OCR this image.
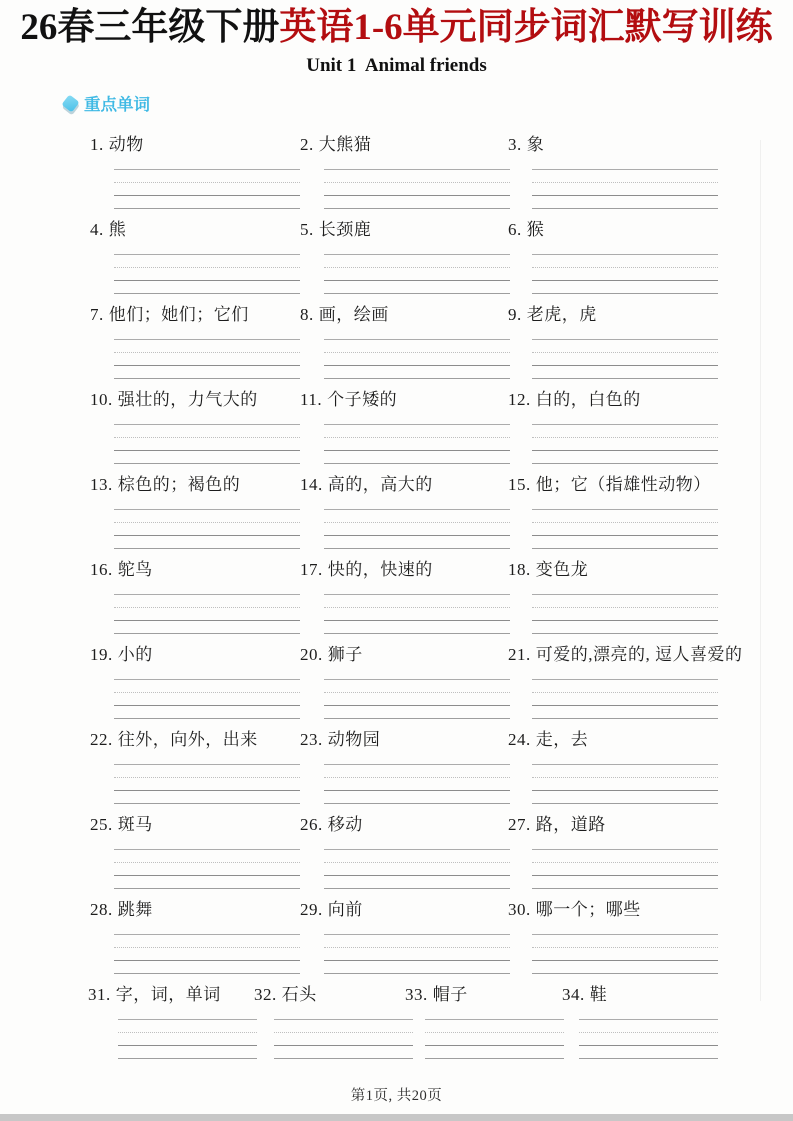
26春三年级下册英语1-6单元同步词汇默写训练
Unit 1  Animal friends
重点单词
1. 动物	2. 大熊猫	3. 象
4. 熊	5. 长颈鹿	6. 猴
7. 他们；她们；它们	8. 画，绘画	9. 老虎，虎
10. 强壮的，力气大的	11. 个子矮的	12. 白的，白色的
13. 棕色的；褐色的	14. 高的，高大的	15. 他；它（指雄性动物）
16. 鸵鸟	17. 快的，快速的	18. 变色龙
19. 小的	20. 狮子	21. 可爱的,漂亮的, 逗人喜爱的
22. 往外，向外，出来	23. 动物园	24. 走，去
25. 斑马	26. 移动	27. 路，道路
28. 跳舞	29. 向前	30. 哪一个；哪些
31. 字，词，单词	32. 石头	33. 帽子	34. 鞋
第1页, 共20页
